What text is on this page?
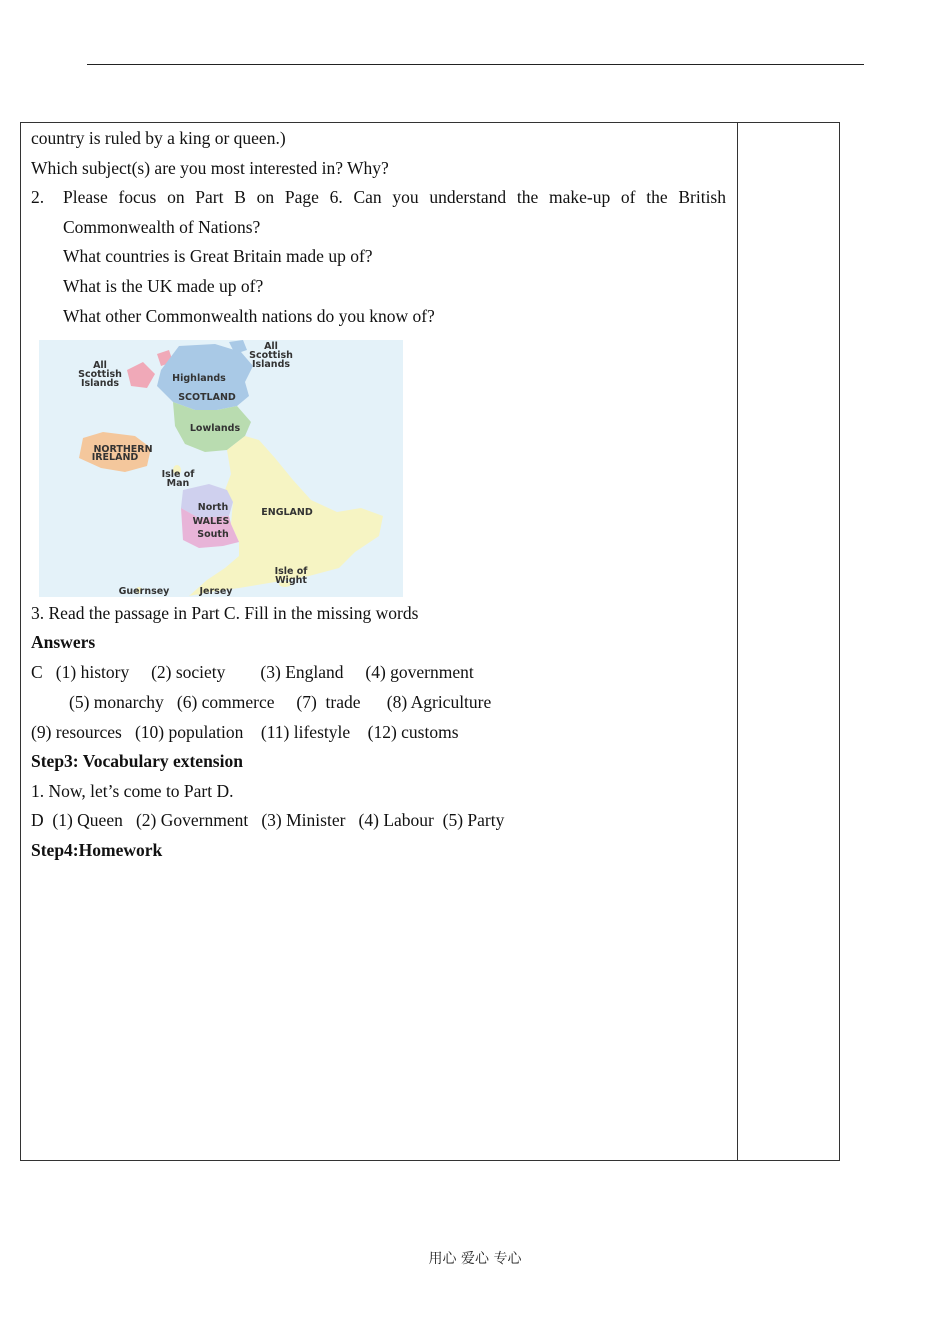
country is ruled by a king or queen.)
Which subject(s) are you most interested in? Why?
2. Please focus on Part B on Page 6. Can you understand the make-up of the British
Commonwealth of Nations?
What countries is Great Britain made up of?
What is the UK made up of?
What other Commonwealth nations do you know of?
All Scottish Islands
All Scottish Islands	Highlands
SCOTLAND
Lowlands
NORTHERN IRELAND
Isle of Man
North
WALES
South
ENGLAND
Isle of Wight
Guernsey	Jersey
3. Read the passage in Part C. Fill in the missing words
Answers
C   (1) history     (2) society        (3) England     (4) government
(5) monarchy   (6) commerce     (7)  trade      (8) Agriculture
(9) resources   (10) population    (11) lifestyle    (12) customs
Step3: Vocabulary extension
1. Now, let’s come to Part D.
D  (1) Queen   (2) Government   (3) Minister   (4) Labour  (5) Party
Step4:Homework
用心 爱心 专心
